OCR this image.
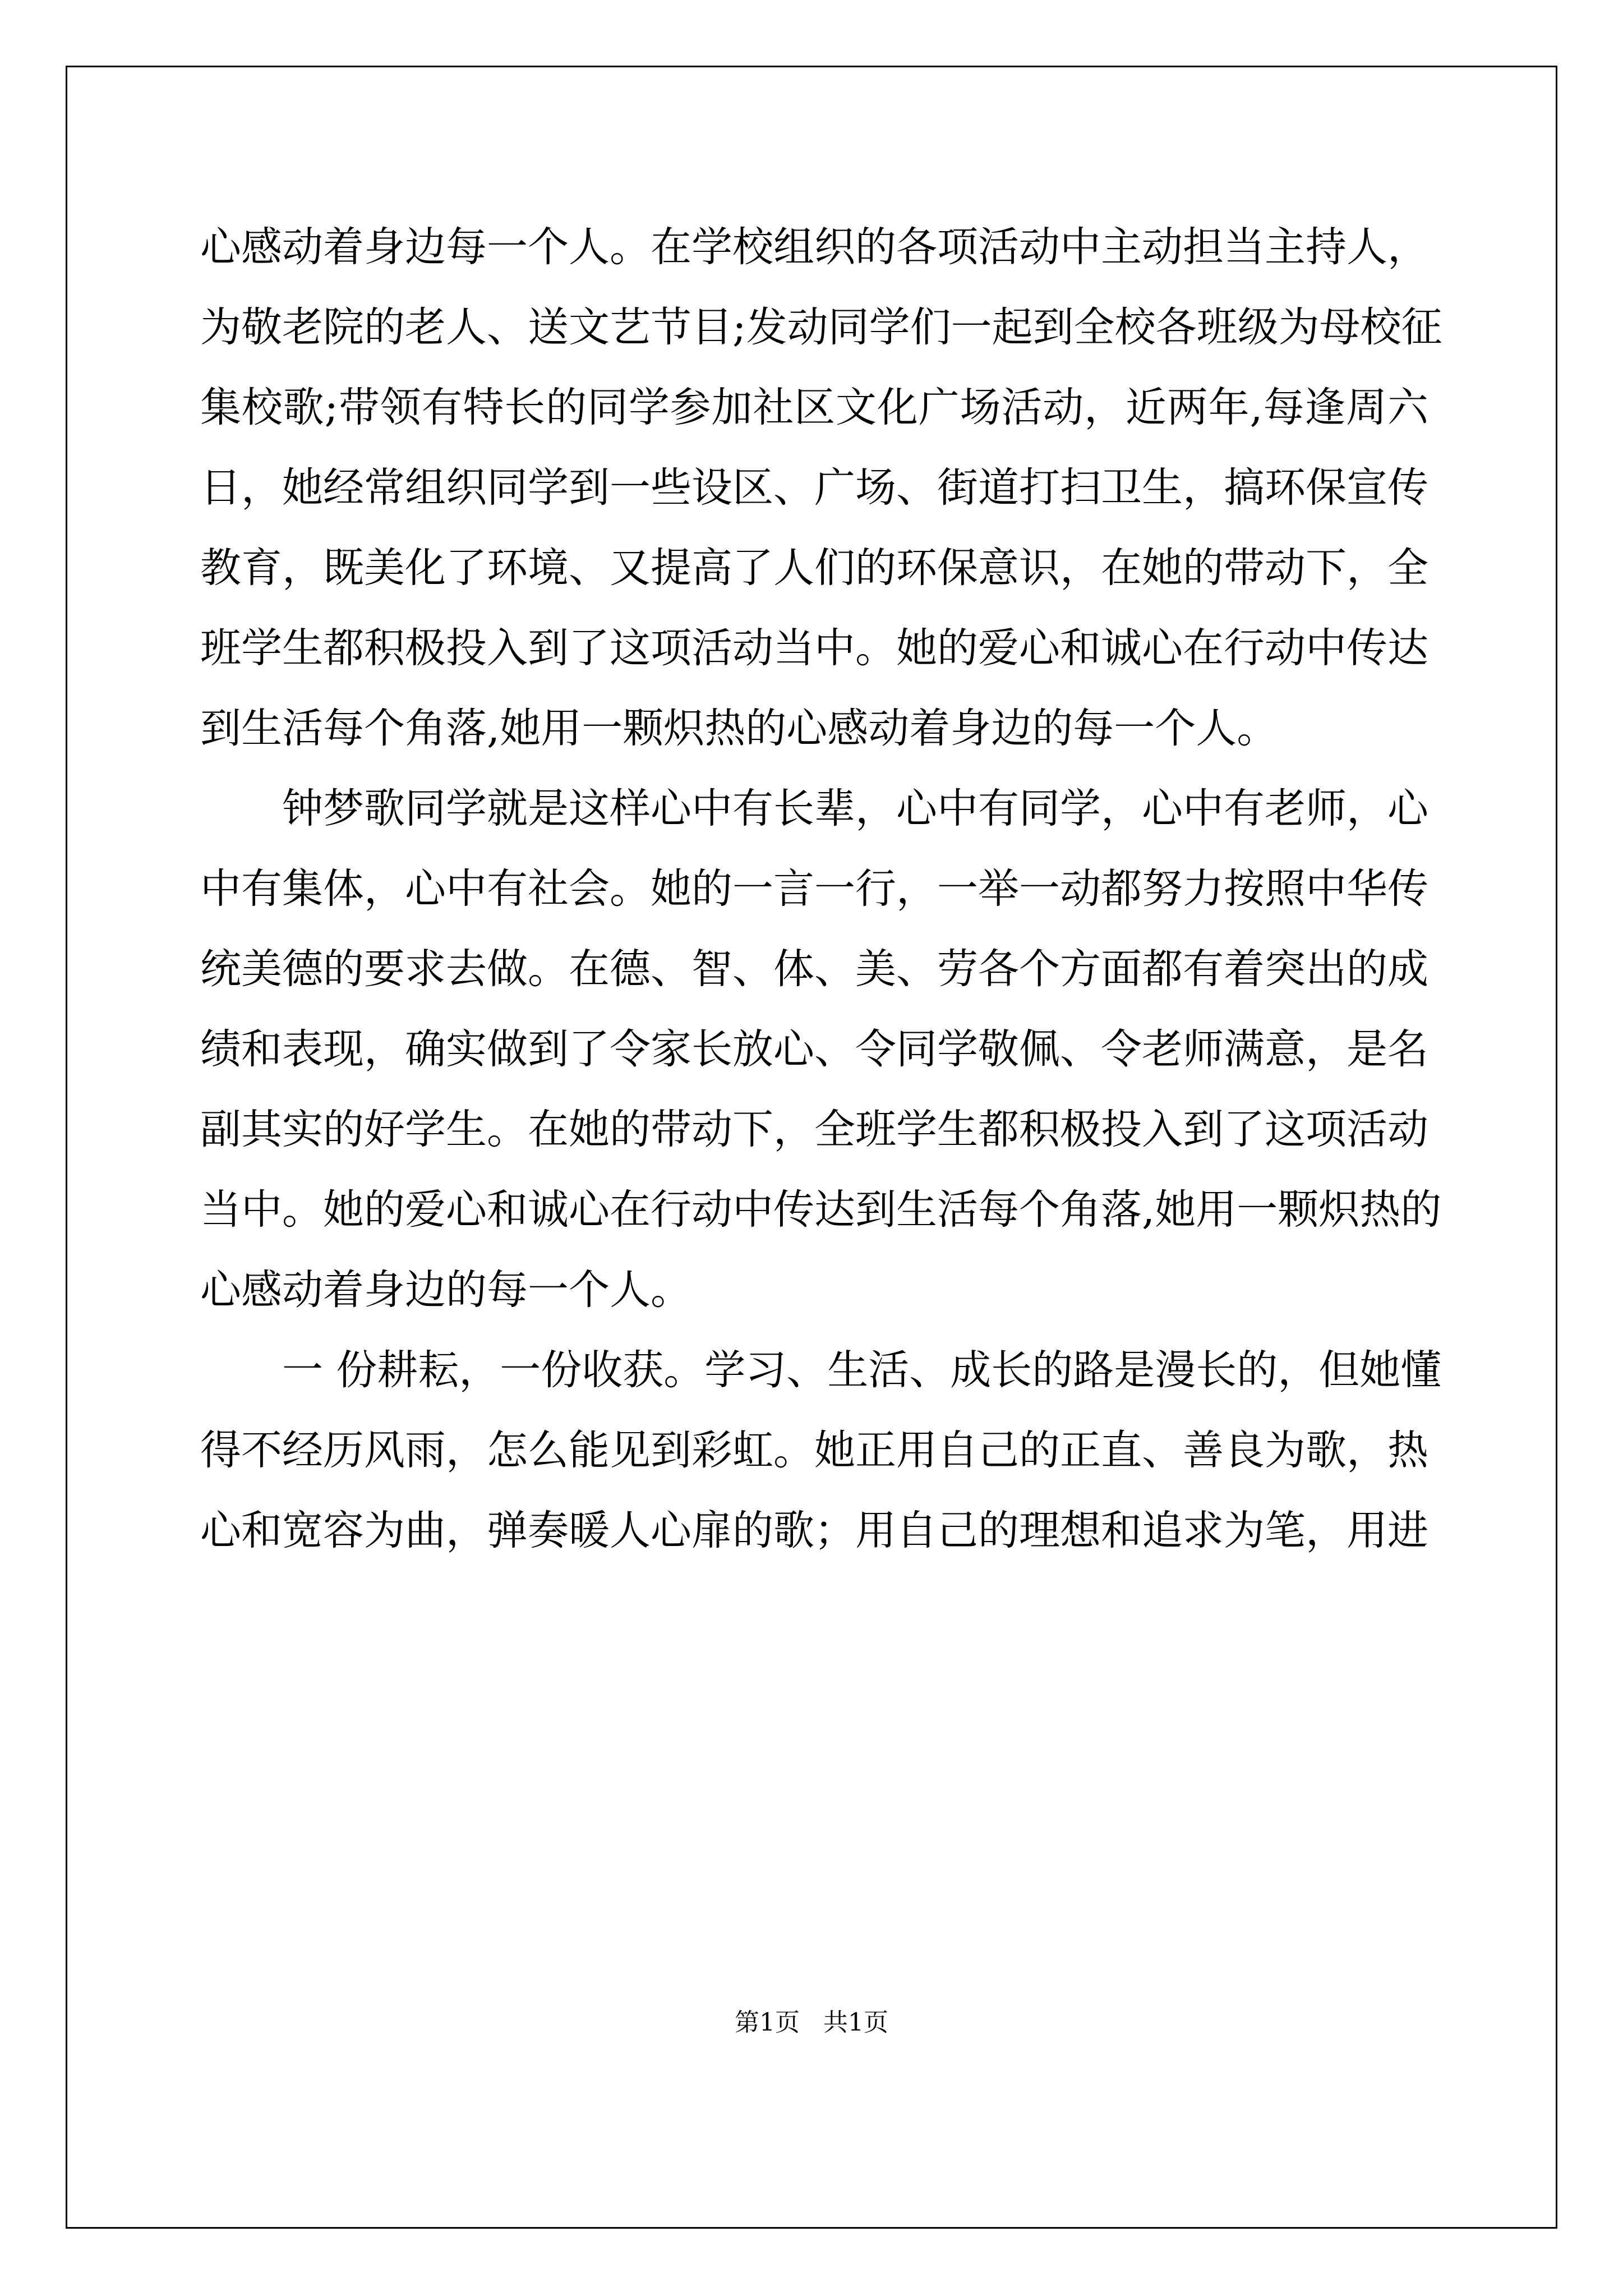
心感动着身边每一个人。在学校组织的各项活动中主动担当主持人，
为敬老院的老人、送文艺节目;发动同学们一起到全校各班级为母校征
集校歌;带领有特长的同学参加社区文化广场活动，近两年,每逢周六
日，她经常组织同学到一些设区、广场、街道打扫卫生，搞环保宣传
教育，既美化了环境、又提高了人们的环保意识，在她的带动下，全
班学生都积极投入到了这项活动当中。她的爱心和诚心在行动中传达
到生活每个角落,她用一颗炽热的心感动着身边的每一个人。
钟梦歌同学就是这样心中有长辈，心中有同学，心中有老师，心
中有集体，心中有社会。她的一言一行，一举一动都努力按照中华传
统美德的要求去做。在德、智、体、美、劳各个方面都有着突出的成
绩和表现，确实做到了令家长放心、令同学敬佩、令老师满意，是名
副其实的好学生。在她的带动下，全班学生都积极投入到了这项活动
当中。她的爱心和诚心在行动中传达到生活每个角落,她用一颗炽热的
心感动着身边的每一个人。
一 份耕耘，一份收获。学习、生活、成长的路是漫长的，但她懂
得不经历风雨，怎么能见到彩虹。她正用自己的正直、善良为歌，热
心和宽容为曲，弹奏暖人心扉的歌；用自己的理想和追求为笔，用进
第1页   共1页
